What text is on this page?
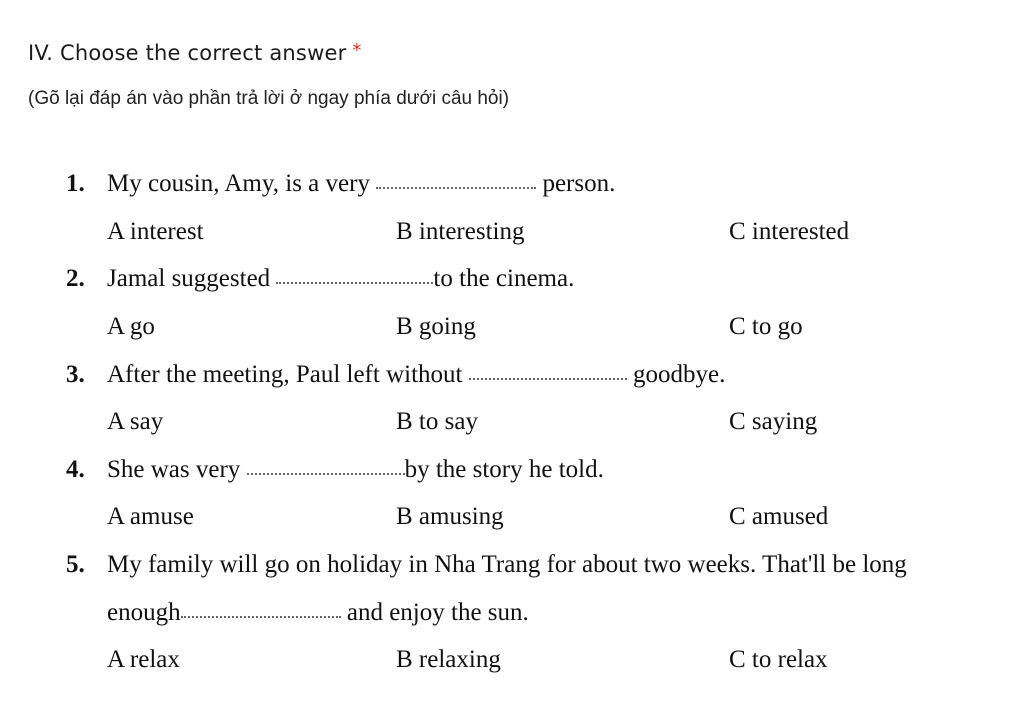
IV. Choose the correct answer *
(Gõ lại đáp án vào phần trả lời ở ngay phía dưới câu hỏi)
1. My cousin, Amy, is a very	person.
A interest	B interesting	C interested
2. Jamal suggested	to the cinema.
A go	B going	C to go
3. After the meeting, Paul left without	goodbye.
A say	B to say	C saying
4. She was very	by the story he told.
A amuse	B amusing	C amused
5. My family will go on holiday in Nha Trang for about two weeks. That'll be long
enough	and enjoy the sun.
A relax	B relaxing	C to relax
